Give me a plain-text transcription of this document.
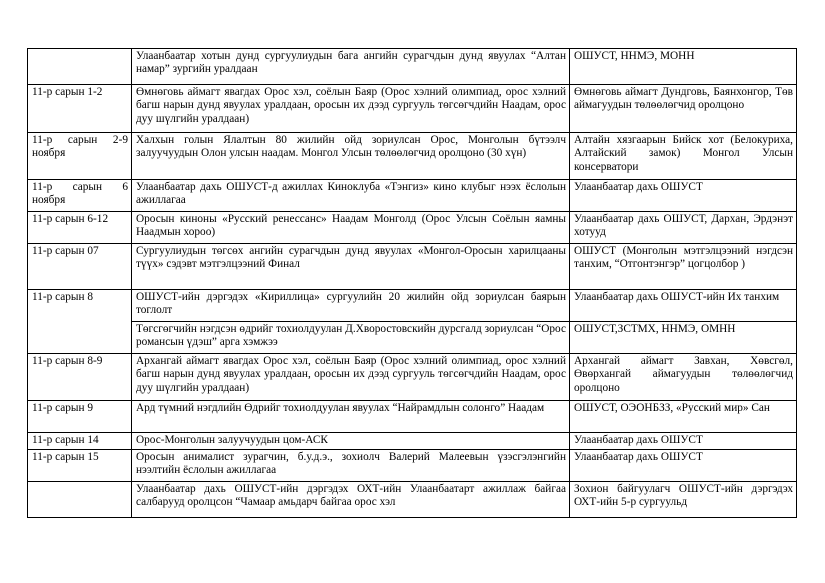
	Улаанбаатар хотын дунд сургуулиудын бага ангийн сурагчдын дунд явуулах “Алтан намар” зургийн уралдаан	ОШУСТ, ННМЭ, МОНН
11-р сарын 1-2	Өмнөговь аймагт явагдах Орос хэл, соёлын Баяр (Орос хэлний олимпиад, орос хэлний багш нарын дунд явуулах уралдаан, оросын их дээд сургууль төгсөгчдийн Наадам, орос дуу шүлгийн уралдаан)	Өмнөговь аймагт Дундговь, Баянхонгор, Төв аймагуудын төлөөлөгчид оролцоно
11-р сарын 2-9 ноября	Халхын голын Ялалтын 80 жилийн ойд зориулсан Орос, Монголын бүтээлч залуучуудын Олон улсын наадам. Монгол Улсын төлөөлөгчид оролцоно (30 хүн)	Алтайн хязгаарын Бийск хот (Белокуриха, Алтайский замок) Монгол Улсын консерватори
11-р сарын 6 ноября	Улаанбаатар дахь ОШУСТ-д ажиллах Киноклуба «Тэнгиз» кино клубыг нээх ёслолын ажиллагаа	Улаанбаатар дахь ОШУСТ
11-р сарын 6-12	Оросын киноны «Русский ренессанс» Наадам Монголд (Орос Улсын Соёлын яамны Наадмын хороо)	Улаанбаатар дахь ОШУСТ, Дархан, Эрдэнэт хотууд
11-р сарын 07	Сургуулиудын төгсөх ангийн сурагчдын дунд явуулах «Монгол-Оросын харилцааны түүх» сэдэвт мэтгэлцээний Финал	ОШУСТ (Монголын мэтгэлцээний нэгдсэн танхим, “Отгонтэнгэр” цогцолбор )
11-р сарын 8	ОШУСТ-ийн дэргэдэх «Кириллица» сургуулийн 20 жилийн ойд зориулсан баярын тоглолт	Улаанбаатар дахь ОШУСТ-ийн Их танхим
	Төгсгөгчийн нэгдсэн өдрийг тохиолдуулан Д.Хворостовскийн дурсгалд зориулсан “Орос романсын үдэш” арга хэмжээ	ОШУСТ,ЗСТМХ, ННМЭ, ОМНН
11-р сарын 8-9	Архангай аймагт явагдах Орос хэл, соёлын Баяр (Орос хэлний олимпиад, орос хэлний багш нарын дунд явуулах уралдаан, оросын их дээд сургууль төгсөгчдийн Наадам, орос дуу шүлгийн уралдаан)	Архангай аймагт Завхан, Хөвсгөл, Өвөрхангай аймагуудын төлөөлөгчид оролцоно
11-р сарын 9	Ард түмний нэгдлийн Өдрийг тохиолдуулан явуулах “Найрамдлын солонго” Наадам	ОШУСТ, ОЭОНБЗЗ, «Русский мир» Сан
11-р сарын 14	Орос-Монголын залуучуудын цом-АСК	Улаанбаатар дахь ОШУСТ
11-р сарын 15	Оросын анималист зурагчин, б.у.д.э., зохиолч Валерий Малеевын үзэсгэлэнгийн нээлтийн ёслолын ажиллагаа	Улаанбаатар дахь ОШУСТ
	Улаанбаатар дахь ОШУСТ-ийн дэргэдэх ОХТ-ийн Улаанбаатарт ажиллаж байгаа салбарууд оролцсон “Чамаар амьдарч байгаа орос хэл	Зохион байгуулагч ОШУСТ-ийн дэргэдэх ОХТ-ийн 5-р сургуульд
